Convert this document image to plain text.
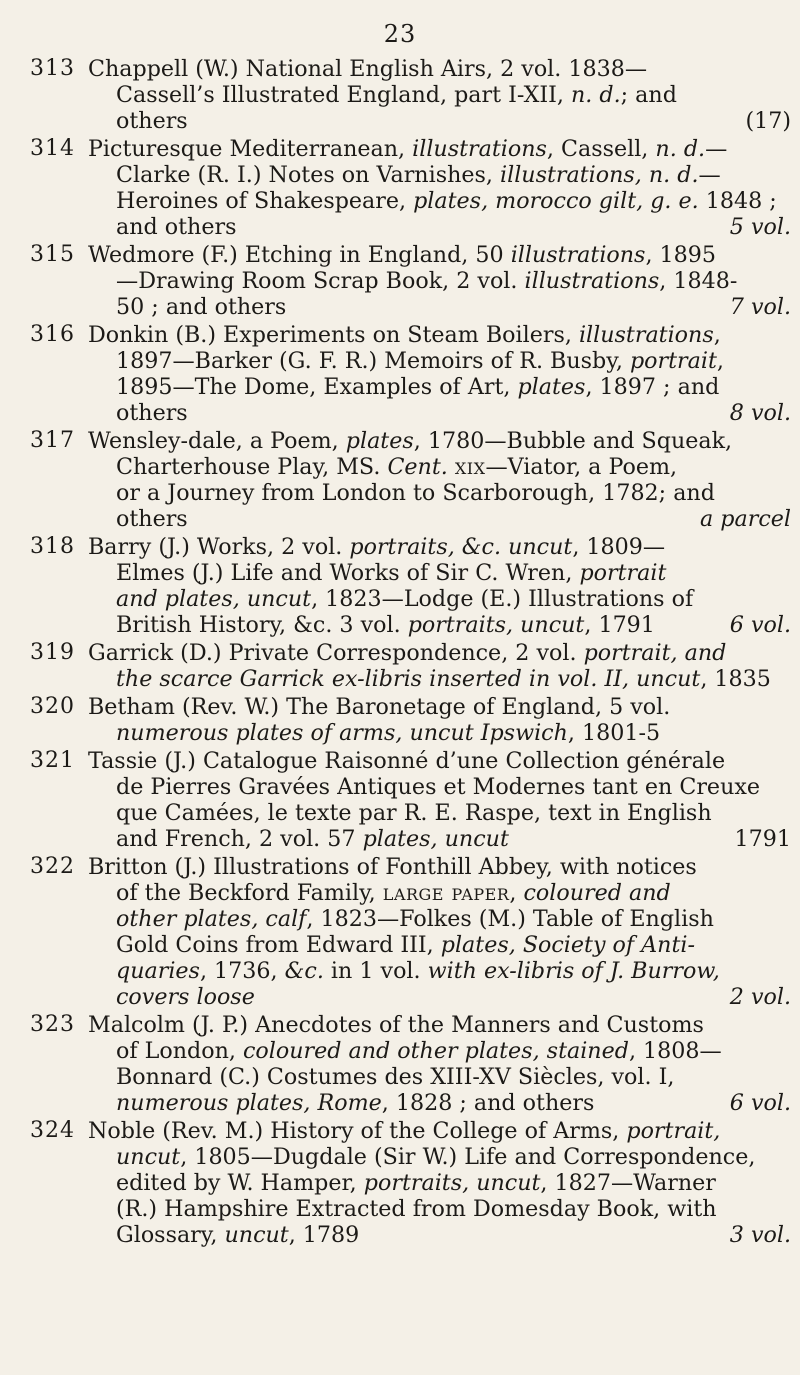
23
313 Chappell (W.) National English Airs, 2 vol. 1838—
Cassell’s Illustrated England, part I-XII, n. d.; and
others	(17)
314 Picturesque Mediterranean, illustrations, Cassell, n. d.—
Clarke (R. I.) Notes on Varnishes, illustrations, n. d.—
Heroines of Shakespeare, plates, morocco gilt, g. e. 1848 ;
and others	5 vol.
315 Wedmore (F.) Etching in England, 50 illustrations, 1895
—Drawing Room Scrap Book, 2 vol. illustrations, 1848-
50 ; and others	7 vol.
316 Donkin (B.) Experiments on Steam Boilers, illustrations,
1897—Barker (G. F. R.) Memoirs of R. Busby, portrait,
1895—The Dome, Examples of Art, plates, 1897 ; and
others	8 vol.
317 Wensley-dale, a Poem, plates, 1780—Bubble and Squeak,
Charterhouse Play, MS. Cent. xix—Viator, a Poem,
or a Journey from London to Scarborough, 1782; and
others	a parcel
318 Barry (J.) Works, 2 vol. portraits, &c. uncut, 1809—
Elmes (J.) Life and Works of Sir C. Wren, portrait
and plates, uncut, 1823—Lodge (E.) Illustrations of
British History, &c. 3 vol. portraits, uncut, 1791	6 vol.
319 Garrick (D.) Private Correspondence, 2 vol. portrait, and
the scarce Garrick ex-libris inserted in vol. II, uncut, 1835
320 Betham (Rev. W.) The Baronetage of England, 5 vol.
numerous plates of arms, uncut Ipswich, 1801-5
321 Tassie (J.) Catalogue Raisonné d’une Collection générale
de Pierres Gravées Antiques et Modernes tant en Creuxe
que Camées, le texte par R. E. Raspe, text in English
and French, 2 vol. 57 plates, uncut	1791
322 Britton (J.) Illustrations of Fonthill Abbey, with notices
of the Beckford Family, large paper, coloured and
other plates, calf, 1823—Folkes (M.) Table of English
Gold Coins from Edward III, plates, Society of Anti-
quaries, 1736, &c. in 1 vol. with ex-libris of J. Burrow,
covers loose	2 vol.
323 Malcolm (J. P.) Anecdotes of the Manners and Customs
of London, coloured and other plates, stained, 1808—
Bonnard (C.) Costumes des XIII-XV Siècles, vol. I,
numerous plates, Rome, 1828 ; and others	6 vol.
324 Noble (Rev. M.) History of the College of Arms, portrait,
uncut, 1805—Dugdale (Sir W.) Life and Correspondence,
edited by W. Hamper, portraits, uncut, 1827—Warner
(R.) Hampshire Extracted from Domesday Book, with
Glossary, uncut, 1789	3 vol.
